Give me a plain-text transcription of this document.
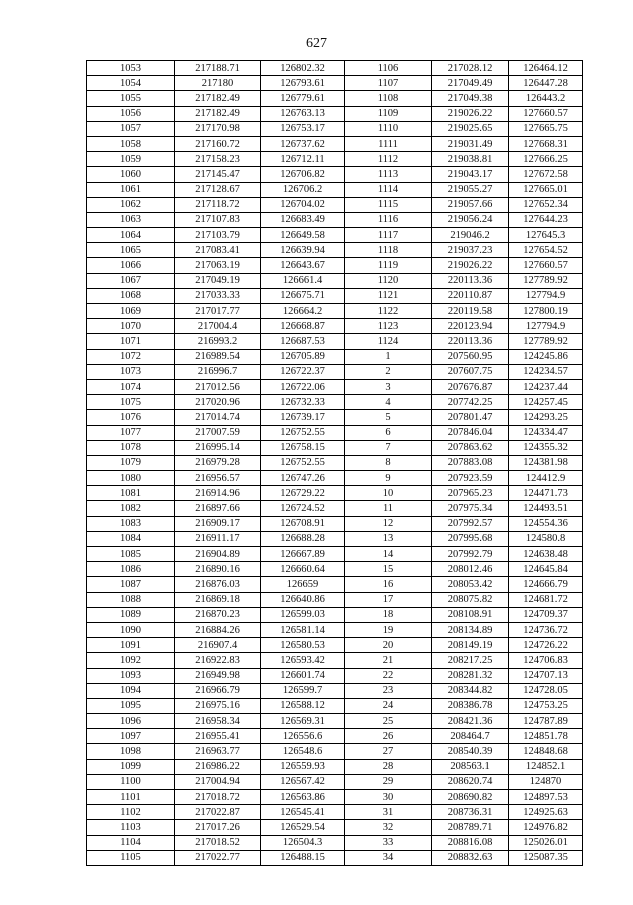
627
1053	217188.71	126802.32	1106	217028.12	126464.12
1054	217180	126793.61	1107	217049.49	126447.28
1055	217182.49	126779.61	1108	217049.38	126443.2
1056	217182.49	126763.13	1109	219026.22	127660.57
1057	217170.98	126753.17	1110	219025.65	127665.75
1058	217160.72	126737.62	1111	219031.49	127668.31
1059	217158.23	126712.11	1112	219038.81	127666.25
1060	217145.47	126706.82	1113	219043.17	127672.58
1061	217128.67	126706.2	1114	219055.27	127665.01
1062	217118.72	126704.02	1115	219057.66	127652.34
1063	217107.83	126683.49	1116	219056.24	127644.23
1064	217103.79	126649.58	1117	219046.2	127645.3
1065	217083.41	126639.94	1118	219037.23	127654.52
1066	217063.19	126643.67	1119	219026.22	127660.57
1067	217049.19	126661.4	1120	220113.36	127789.92
1068	217033.33	126675.71	1121	220110.87	127794.9
1069	217017.77	126664.2	1122	220119.58	127800.19
1070	217004.4	126668.87	1123	220123.94	127794.9
1071	216993.2	126687.53	1124	220113.36	127789.92
1072	216989.54	126705.89	1	207560.95	124245.86
1073	216996.7	126722.37	2	207607.75	124234.57
1074	217012.56	126722.06	3	207676.87	124237.44
1075	217020.96	126732.33	4	207742.25	124257.45
1076	217014.74	126739.17	5	207801.47	124293.25
1077	217007.59	126752.55	6	207846.04	124334.47
1078	216995.14	126758.15	7	207863.62	124355.32
1079	216979.28	126752.55	8	207883.08	124381.98
1080	216956.57	126747.26	9	207923.59	124412.9
1081	216914.96	126729.22	10	207965.23	124471.73
1082	216897.66	126724.52	11	207975.34	124493.51
1083	216909.17	126708.91	12	207992.57	124554.36
1084	216911.17	126688.28	13	207995.68	124580.8
1085	216904.89	126667.89	14	207992.79	124638.48
1086	216890.16	126660.64	15	208012.46	124645.84
1087	216876.03	126659	16	208053.42	124666.79
1088	216869.18	126640.86	17	208075.82	124681.72
1089	216870.23	126599.03	18	208108.91	124709.37
1090	216884.26	126581.14	19	208134.89	124736.72
1091	216907.4	126580.53	20	208149.19	124726.22
1092	216922.83	126593.42	21	208217.25	124706.83
1093	216949.98	126601.74	22	208281.32	124707.13
1094	216966.79	126599.7	23	208344.82	124728.05
1095	216975.16	126588.12	24	208386.78	124753.25
1096	216958.34	126569.31	25	208421.36	124787.89
1097	216955.41	126556.6	26	208464.7	124851.78
1098	216963.77	126548.6	27	208540.39	124848.68
1099	216986.22	126559.93	28	208563.1	124852.1
1100	217004.94	126567.42	29	208620.74	124870
1101	217018.72	126563.86	30	208690.82	124897.53
1102	217022.87	126545.41	31	208736.31	124925.63
1103	217017.26	126529.54	32	208789.71	124976.82
1104	217018.52	126504.3	33	208816.08	125026.01
1105	217022.77	126488.15	34	208832.63	125087.35
